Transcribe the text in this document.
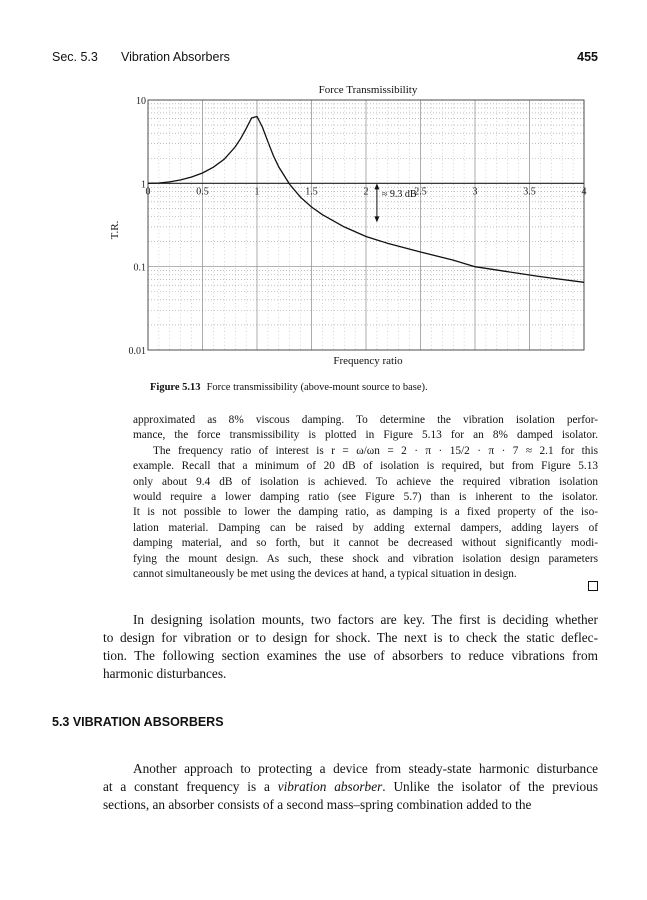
Sec. 5.3 Vibration Absorbers	455
0	0.5	1	1.5	2	2.5	3	3.5	4
0.01
0.1
1
10
Force Transmissibility
Frequency ratio
T.R.
≈ 9.3 dB
Figure 5.13 Force transmissibility (above-mount source to base).
approximated as 8% viscous damping. To determine the vibration isolation perfor-
mance, the force transmissibility is plotted in Figure 5.13 for an 8% damped isolator.
The frequency ratio of interest is r = ω/ωn = 2 · π · 15/2 · π · 7 ≈ 2.1 for this
example. Recall that a minimum of 20 dB of isolation is required, but from Figure 5.13
only about 9.4 dB of isolation is achieved. To achieve the required vibration isolation
would require a lower damping ratio (see Figure 5.7) than is inherent to the isolator.
It is not possible to lower the damping ratio, as damping is a fixed property of the iso-
lation material. Damping can be raised by adding external dampers, adding layers of
damping material, and so forth, but it cannot be decreased without significantly modi-
fying the mount design. As such, these shock and vibration isolation design parameters
cannot simultaneously be met using the devices at hand, a typical situation in design.
In designing isolation mounts, two factors are key. The first is deciding whether
to design for vibration or to design for shock. The next is to check the static deflec-
tion. The following section examines the use of absorbers to reduce vibrations from
harmonic disturbances.
5.3 VIBRATION ABSORBERS
Another approach to protecting a device from steady-state harmonic disturbance
at a constant frequency is a vibration absorber. Unlike the isolator of the previous
sections, an absorber consists of a second mass–spring combination added to the
